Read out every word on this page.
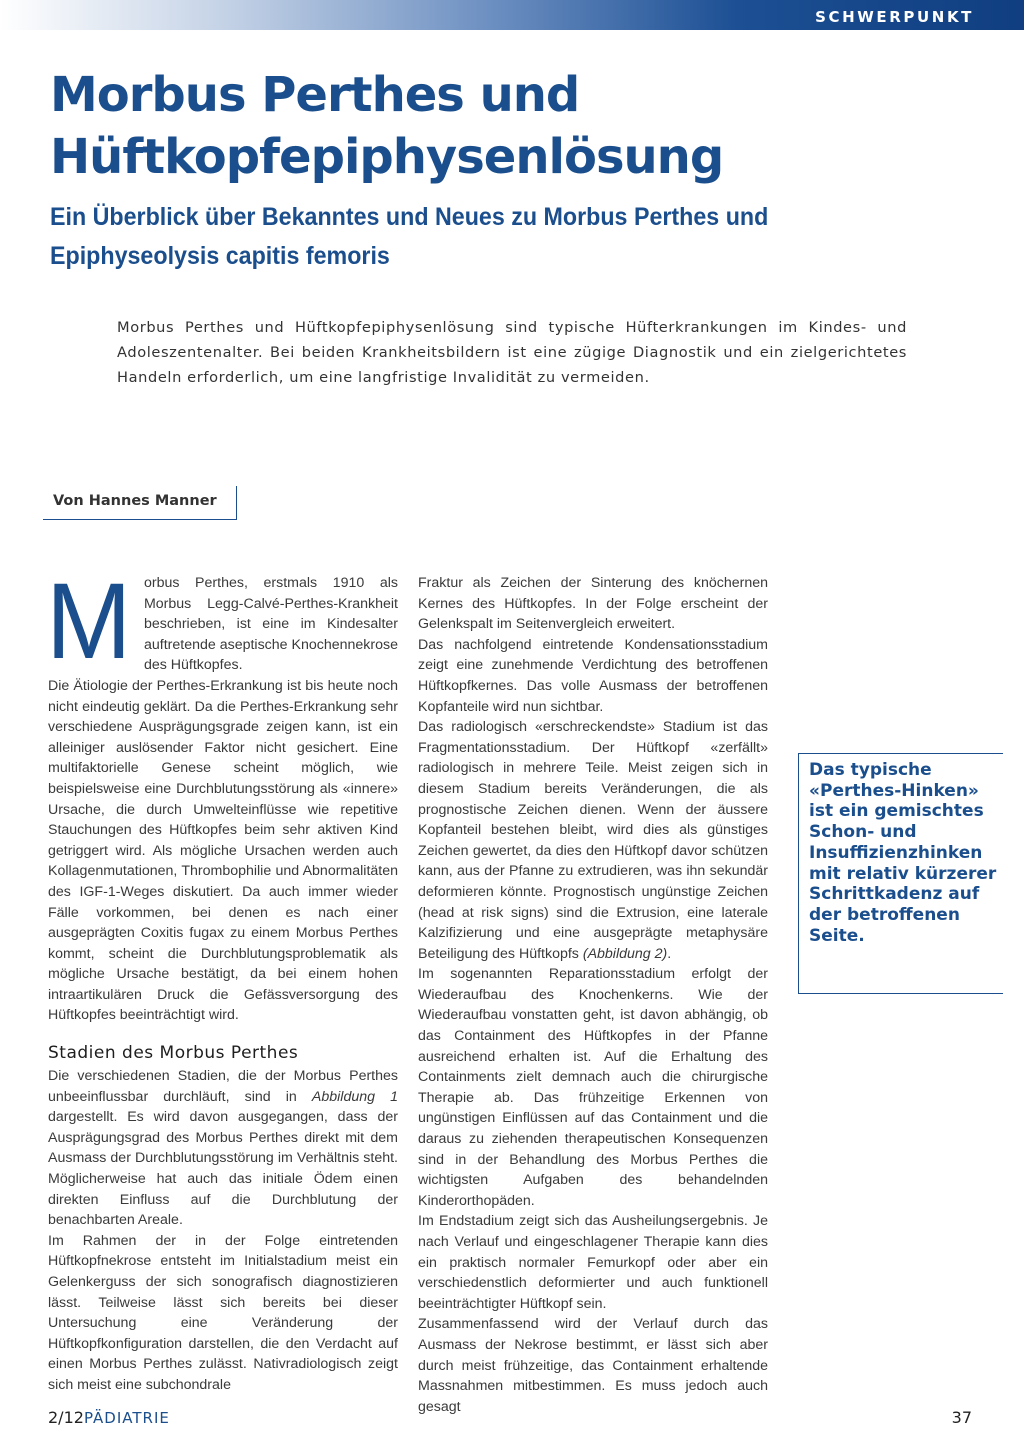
SCHWERPUNKT
Morbus Perthes und Hüftkopfepiphysenlösung
Ein Überblick über Bekanntes und Neues zu Morbus Perthes und Epiphyseolysis capitis femoris

Morbus Perthes und Hüftkopfepiphysenlösung sind typische Hüfterkrankungen im Kindes- und Adoleszentenalter. Bei beiden Krankheitsbildern ist eine zügige Diagnostik und ein zielgerichtetes Handeln erforderlich, um eine langfristige Invalidität zu vermeiden.

Von Hannes Manner

Morbus Perthes, erstmals 1910 als Morbus Legg-Calvé-Perthes-Krankheit beschrieben, ist eine im Kindesalter auftretende aseptische Knochennekrose des Hüftkopfes.

Die Ätiologie der Perthes-Erkrankung ist bis heute noch nicht eindeutig geklärt. Da die Perthes-Erkrankung sehr verschiedene Ausprägungsgrade zeigen kann, ist ein alleiniger auslösender Faktor nicht gesichert. Eine multifaktorielle Genese scheint möglich, wie beispielsweise eine Durchblutungsstörung als «innere» Ursache, die durch Umwelteinflüsse wie repetitive Stauchungen des Hüftkopfes beim sehr aktiven Kind getriggert wird. Als mögliche Ursachen werden auch Kollagenmutationen, Thrombophilie und Abnormalitäten des IGF-1-Weges diskutiert. Da auch immer wieder Fälle vorkommen, bei denen es nach einer ausgeprägten Coxitis fugax zu einem Morbus Perthes kommt, scheint die Durchblutungsproblematik als mögliche Ursache bestätigt, da bei einem hohen intraartikulären Druck die Gefässversorgung des Hüftkopfes beeinträchtigt wird.

Stadien des Morbus Perthes

Die verschiedenen Stadien, die der Morbus Perthes unbeeinflussbar durchläuft, sind in Abbildung 1 dargestellt. Es wird davon ausgegangen, dass der Ausprägungsgrad des Morbus Perthes direkt mit dem Ausmass der Durchblutungsstörung im Verhältnis steht. Möglicherweise hat auch das initiale Ödem einen direkten Einfluss auf die Durchblutung der benachbarten Areale.

Im Rahmen der in der Folge eintretenden Hüftkopfnekrose entsteht im Initialstadium meist ein Gelenkerguss der sich sonografisch diagnostizieren lässt. Teilweise lässt sich bereits bei dieser Untersuchung eine Veränderung der Hüftkopfkonfiguration darstellen, die den Verdacht auf einen Morbus Perthes zulässt. Nativradiologisch zeigt sich meist eine subchondrale

Fraktur als Zeichen der Sinterung des knöchernen Kernes des Hüftkopfes. In der Folge erscheint der Gelenkspalt im Seitenvergleich erweitert.

Das nachfolgend eintretende Kondensationsstadium zeigt eine zunehmende Verdichtung des betroffenen Hüftkopfkernes. Das volle Ausmass der betroffenen Kopfanteile wird nun sichtbar.

Das radiologisch «erschreckendste» Stadium ist das Fragmentationsstadium. Der Hüftkopf «zerfällt» radiologisch in mehrere Teile. Meist zeigen sich in diesem Stadium bereits Veränderungen, die als prognostische Zeichen dienen. Wenn der äussere Kopfanteil bestehen bleibt, wird dies als günstiges Zeichen gewertet, da dies den Hüftkopf davor schützen kann, aus der Pfanne zu extrudieren, was ihn sekundär deformieren könnte. Prognostisch ungünstige Zeichen (head at risk signs) sind die Extrusion, eine laterale Kalzifizierung und eine ausgeprägte metaphysäre Beteiligung des Hüftkopfs (Abbildung 2).

Im sogenannten Reparationsstadium erfolgt der Wiederaufbau des Knochenkerns. Wie der Wiederaufbau vonstatten geht, ist davon abhängig, ob das Containment des Hüftkopfes in der Pfanne ausreichend erhalten ist. Auf die Erhaltung des Containments zielt demnach auch die chirurgische Therapie ab. Das frühzeitige Erkennen von ungünstigen Einflüssen auf das Containment und die daraus zu ziehenden therapeutischen Konsequenzen sind in der Behandlung des Morbus Perthes die wichtigsten Aufgaben des behandelnden Kinderorthopäden.

Im Endstadium zeigt sich das Ausheilungsergebnis. Je nach Verlauf und eingeschlagener Therapie kann dies ein praktisch normaler Femurkopf oder aber ein verschiedenstlich deformierter und auch funktionell beeinträchtigter Hüftkopf sein.

Zusammenfassend wird der Verlauf durch das Ausmass der Nekrose bestimmt, er lässt sich aber durch meist frühzeitige, das Containment erhaltende Massnahmen mitbestimmen. Es muss jedoch auch gesagt

Das typische «Perthes-Hinken» ist ein gemischtes Schon- und Insuffizienzhinken mit relativ kürzerer Schrittkadenz auf der betroffenen Seite.

2/12PÄDIATRIE	37
